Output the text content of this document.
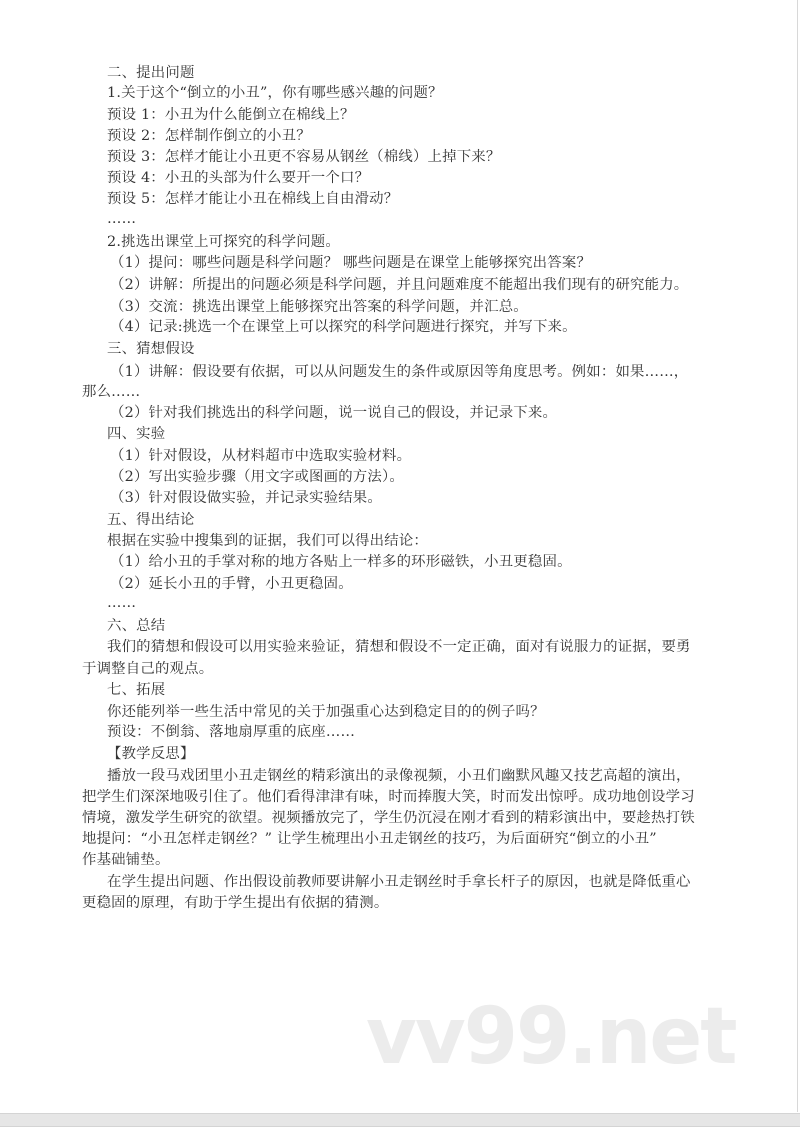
二、提出问题
1.关于这个“倒立的小丑”，你有哪些感兴趣的问题？
预设 1：小丑为什么能倒立在棉线上？
预设 2：怎样制作倒立的小丑？
预设 3：怎样才能让小丑更不容易从钢丝（棉线）上掉下来？
预设 4：小丑的头部为什么要开一个口？
预设 5：怎样才能让小丑在棉线上自由滑动？
……
2.挑选出课堂上可探究的科学问题。
（1）提问：哪些问题是科学问题？ 哪些问题是在课堂上能够探究出答案？
（2）讲解：所提出的问题必须是科学问题，并且问题难度不能超出我们现有的研究能力。
（3）交流：挑选出课堂上能够探究出答案的科学问题，并汇总。
（4）记录:挑选一个在课堂上可以探究的科学问题进行探究，并写下来。
三、猜想假设
（1）讲解：假设要有依据，可以从问题发生的条件或原因等角度思考。例如：如果……，
那么……
（2）针对我们挑选出的科学问题，说一说自己的假设，并记录下来。
四、实验
（1）针对假设，从材料超市中选取实验材料。
（2）写出实验步骤（用文字或图画的方法）。
（3）针对假设做实验，并记录实验结果。
五、得出结论
根据在实验中搜集到的证据，我们可以得出结论：
（1）给小丑的手掌对称的地方各贴上一样多的环形磁铁，小丑更稳固。
（2）延长小丑的手臂，小丑更稳固。
……
六、总结
我们的猜想和假设可以用实验来验证，猜想和假设不一定正确，面对有说服力的证据，要勇
于调整自己的观点。
七、拓展
你还能列举一些生活中常见的关于加强重心达到稳定目的的例子吗？
预设：不倒翁、落地扇厚重的底座……
【教学反思】
播放一段马戏团里小丑走钢丝的精彩演出的录像视频，小丑们幽默风趣又技艺高超的演出，
把学生们深深地吸引住了。他们看得津津有味，时而捧腹大笑，时而发出惊呼。成功地创设学习
情境，激发学生研究的欲望。视频播放完了，学生仍沉浸在刚才看到的精彩演出中，要趁热打铁
地提问：“小丑怎样走钢丝？” 让学生梳理出小丑走钢丝的技巧，为后面研究“倒立的小丑”
作基础铺垫。
在学生提出问题、作出假设前教师要讲解小丑走钢丝时手拿长杆子的原因，也就是降低重心
更稳固的原理，有助于学生提出有依据的猜测。
vv99.net
